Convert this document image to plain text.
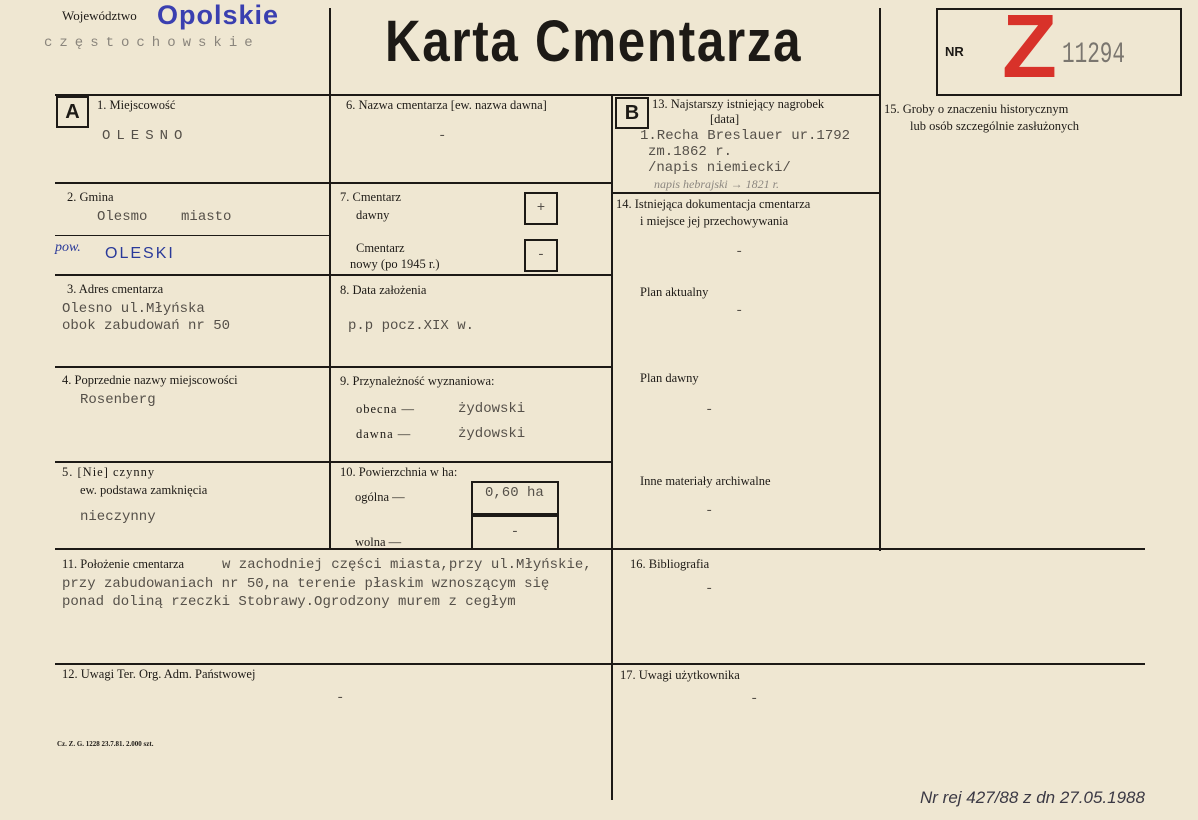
Województwo Opolskie
częstochowskie Karta Cmentarza	NR Z 11294
A	1. Miejscowość
OLESNO
2. Gmina
Olesmo    miasto
pow. OLESKI
3. Adres cmentarza
Olesno ul.Młyńska
obok zabudowań nr 50
4. Poprzednie nazwy miejscowości
Rosenberg
5. [Nie] czynny
ew. podstawa zamknięcia
nieczynny
6. Nazwa cmentarza [ew. nazwa dawna]
-
7. Cmentarz
dawny	+
Cmentarz
nowy (po 1945 r.)
-
8. Data założenia
p.p pocz.XIX w.
9. Przynależność wyznaniowa:
obecna —	żydowski
dawna —	żydowski
10. Powierzchnia w ha:
ogólna —	0,60 ha
wolna —
-
B	13. Najstarszy istniejący nagrobek
[data]
1.Recha Breslauer ur.1792
zm.1862 r.
/napis niemiecki/
napis hebrajski → 1821 r.
14. Istniejąca dokumentacja cmentarza
i miejsce jej przechowywania
-
Plan aktualny
-
Plan dawny
-
Inne materiały archiwalne
-
15. Groby o znaczeniu historycznym
lub osób szczególnie zasłużonych
11. Położenie cmentarza	w zachodniej części miasta,przy ul.Młyńskie,
przy zabudowaniach nr 50,na terenie płaskim wznoszącym się
ponad doliną rzeczki Stobrawy.Ogrodzony murem z cegłym
16. Bibliografia
-
12. Uwagi Ter. Org. Adm. Państwowej
-
17. Uwagi użytkownika
-
Cz. Z. G. 1228 23.7.81. 2.000 szt.
Nr rej 427/88 z dn 27.05.1988
